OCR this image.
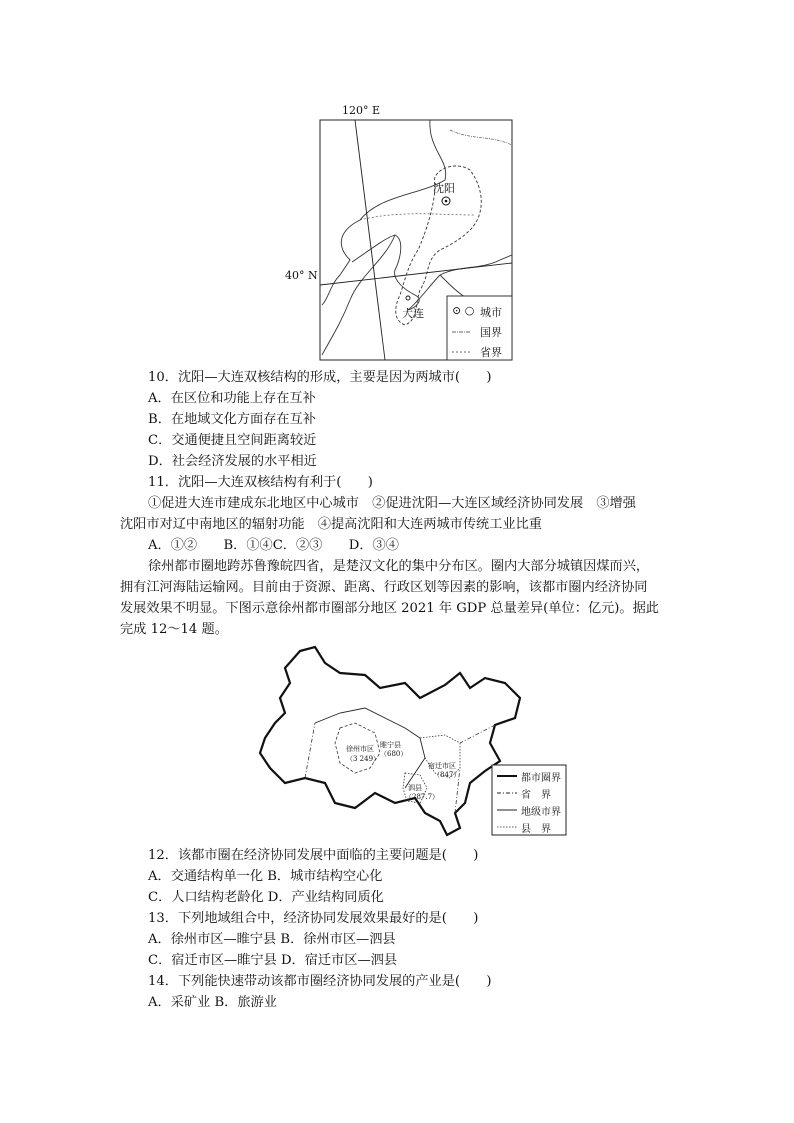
120° E
沈阳
大连
40° N
⊙ ○ 城市
国界
省界
10．沈阳—大连双核结构的形成，主要是因为两城市(　　)
A．在区位和功能上存在互补
B．在地域文化方面存在互补
C．交通便捷且空间距离较近
D．社会经济发展的水平相近
11．沈阳—大连双核结构有利于(　　)
①促进大连市建成东北地区中心城市　②促进沈阳—大连区域经济协同发展　③增强
沈阳市对辽中南地区的辐射功能　④提高沈阳和大连两城市传统工业比重
A．①②　　B．①④C．②③　　D．③④
徐州都市圈地跨苏鲁豫皖四省，是楚汉文化的集中分布区。圈内大部分城镇因煤而兴，
拥有江河海陆运输网。目前由于资源、距离、行政区划等因素的影响，该都市圈内经济协同
发展效果不明显。下图示意徐州都市圈部分地区 2021 年 GDP 总量差异(单位：亿元)。据此
完成 12～14 题。
徐州市区
（3 249）
睢宁县
（680）
宿迁市区
（847）
泗县
（287.7）
都市圈界
省　界
地级市界
县　界
12．该都市圈在经济协同发展中面临的主要问题是(　　)
A．交通结构单一化 B．城市结构空心化
C．人口结构老龄化 D．产业结构同质化
13．下列地域组合中，经济协同发展效果最好的是(　　)
A．徐州市区—睢宁县 B．徐州市区—泗县
C．宿迁市区—睢宁县 D．宿迁市区—泗县
14．下列能快速带动该都市圈经济协同发展的产业是(　　)
A．采矿业 B．旅游业
